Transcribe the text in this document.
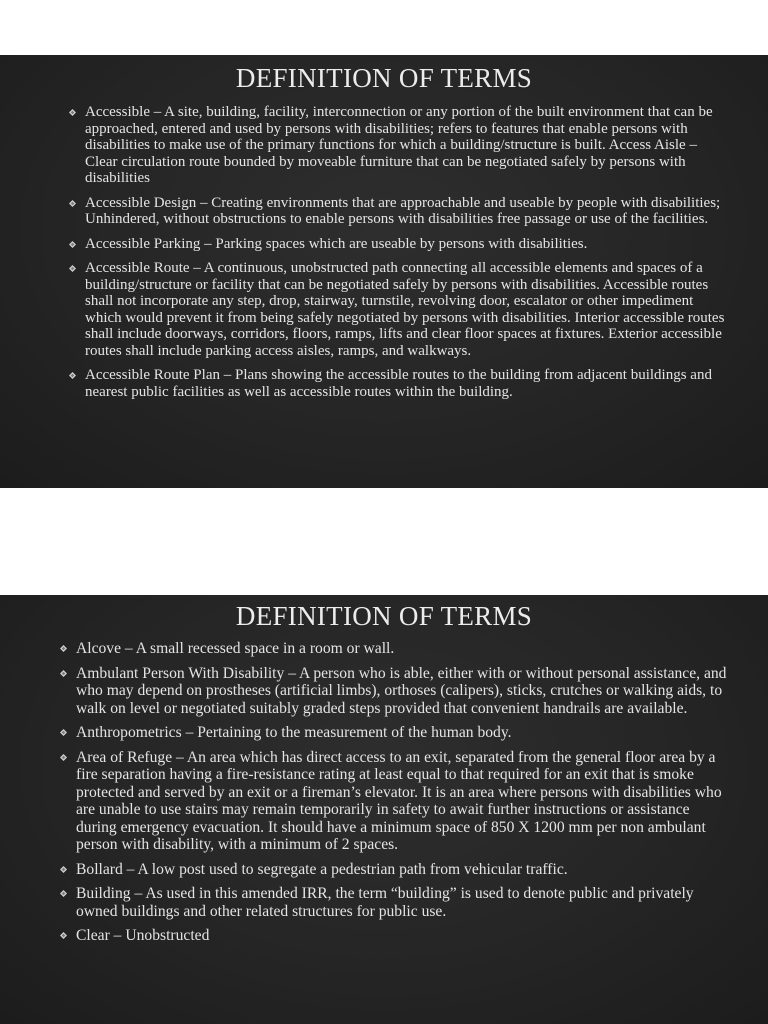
DEFINITION OF TERMS
Accessible – A site, building, facility, interconnection or any portion of the built environment that can be approached, entered and used by persons with disabilities; refers to features that enable persons with disabilities to make use of the primary functions for which a building/structure is built. Access Aisle – Clear circulation route bounded by moveable furniture that can be negotiated safely by persons with disabilities
Accessible Design – Creating environments that are approachable and useable by people with disabilities; Unhindered, without obstructions to enable persons with disabilities free passage or use of the facilities.
Accessible Parking – Parking spaces which are useable by persons with disabilities.
Accessible Route – A continuous, unobstructed path connecting all accessible elements and spaces of a building/structure or facility that can be negotiated safely by persons with disabilities. Accessible routes shall not incorporate any step, drop, stairway, turnstile, revolving door, escalator or other impediment which would prevent it from being safely negotiated by persons with disabilities. Interior accessible routes shall include doorways, corridors, floors, ramps, lifts and clear floor spaces at fixtures. Exterior accessible routes shall include parking access aisles, ramps, and walkways.
Accessible Route Plan – Plans showing the accessible routes to the building from adjacent buildings and nearest public facilities as well as accessible routes within the building.
DEFINITION OF TERMS
Alcove – A small recessed space in a room or wall.
Ambulant Person With Disability – A person who is able, either with or without personal assistance, and who may depend on prostheses (artificial limbs), orthoses (calipers), sticks, crutches or walking aids, to walk on level or negotiated suitably graded steps provided that convenient handrails are available.
Anthropometrics – Pertaining to the measurement of the human body.
Area of Refuge – An area which has direct access to an exit, separated from the general floor area by a fire separation having a fire-resistance rating at least equal to that required for an exit that is smoke protected and served by an exit or a fireman’s elevator. It is an area where persons with disabilities who are unable to use stairs may remain temporarily in safety to await further instructions or assistance during emergency evacuation. It should have a minimum space of 850 X 1200 mm per non ambulant person with disability, with a minimum of 2 spaces.
Bollard – A low post used to segregate a pedestrian path from vehicular traffic.
Building – As used in this amended IRR, the term “building” is used to denote public and privately owned buildings and other related structures for public use.
Clear – Unobstructed
